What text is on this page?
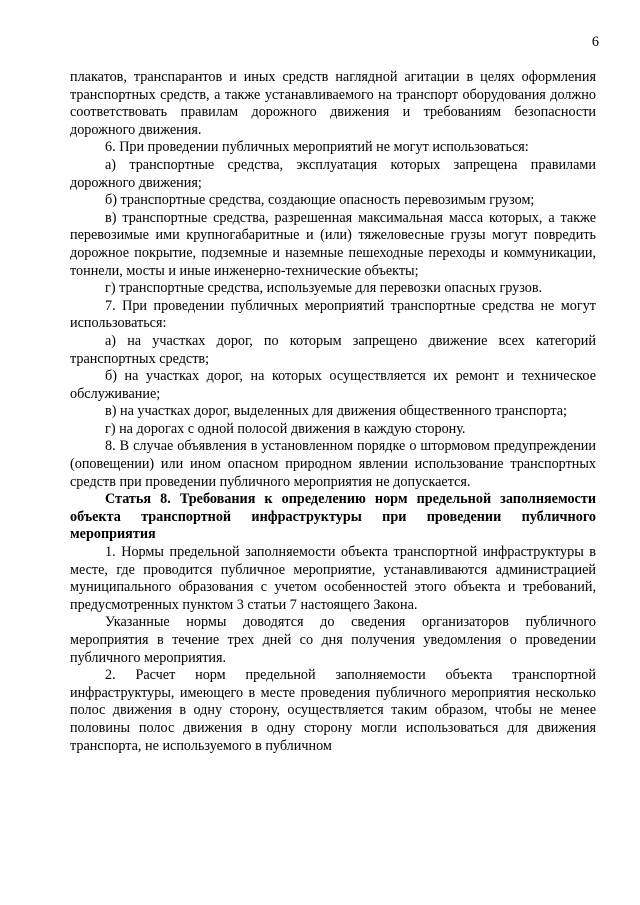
6

плакатов, транспарантов и иных средств наглядной агитации в целях оформления транспортных средств, а также устанавливаемого на транспорт оборудования должно соответствовать правилам дорожного движения и требованиям безопасности дорожного движения.

6. При проведении публичных мероприятий не могут использоваться:

а) транспортные средства, эксплуатация которых запрещена правилами дорожного движения;

б) транспортные средства, создающие опасность перевозимым грузом;

в) транспортные средства, разрешенная максимальная масса которых, а также перевозимые ими крупногабаритные и (или) тяжеловесные грузы могут повредить дорожное покрытие, подземные и наземные пешеходные переходы и коммуникации, тоннели, мосты и иные инженерно-технические объекты;

г) транспортные средства, используемые для перевозки опасных грузов.

7. При проведении публичных мероприятий транспортные средства не могут использоваться:

а) на участках дорог, по которым запрещено движение всех категорий транспортных средств;

б) на участках дорог, на которых осуществляется их ремонт и техническое обслуживание;

в) на участках дорог, выделенных для движения общественного транспорта;

г) на дорогах с одной полосой движения в каждую сторону.

8. В случае объявления в установленном порядке о штормовом предупреждении (оповещении) или ином опасном природном явлении использование транспортных средств при проведении публичного мероприятия не допускается.

Статья 8. Требования к определению норм предельной заполняемости объекта транспортной инфраструктуры при проведении публичного мероприятия

1. Нормы предельной заполняемости объекта транспортной инфраструктуры в месте, где проводится публичное мероприятие, устанавливаются администрацией муниципального образования с учетом особенностей этого объекта и требований, предусмотренных пунктом 3 статьи 7 настоящего Закона.

Указанные нормы доводятся до сведения организаторов публичного мероприятия в течение трех дней со дня получения уведомления о проведении публичного мероприятия.

2. Расчет норм предельной заполняемости объекта транспортной инфраструктуры, имеющего в месте проведения публичного мероприятия несколько полос движения в одну сторону, осуществляется таким образом, чтобы не менее половины полос движения в одну сторону могли использоваться для движения транспорта, не используемого в публичном
